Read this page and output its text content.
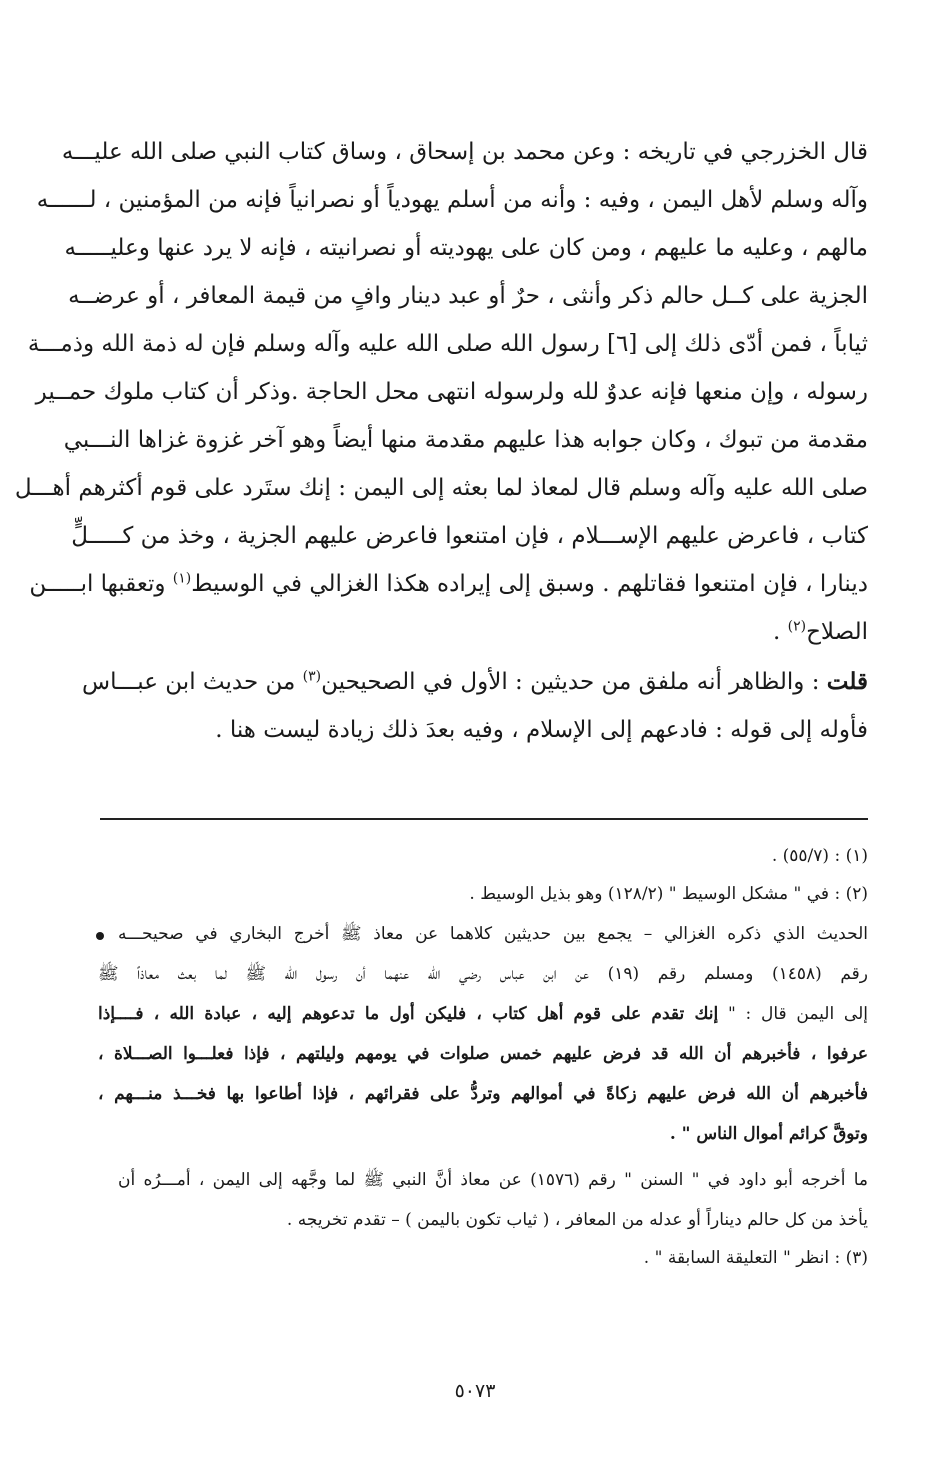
قال الخزرجي في تاريخه : وعن محمد بن إسحاق ، وساق كتاب النبي صلى الله عليـــه
وآله وسلم لأهل اليمن ، وفيه : وأنه من أسلم يهودياً أو نصرانياً فإنه من المؤمنين ، لــــــه
مالهم ، وعليه ما عليهم ، ومن كان على يهوديته أو نصرانيته ، فإنه لا يرد عنها وعليـــــه
الجزية على كــل حالم ذكر وأنثى ، حرٌ أو عبد دينار وافٍ من قيمة المعافر ، أو عرضــه
ثياباً ، فمن أدّى ذلك إلى [٦] رسول الله صلى الله عليه وآله وسلم فإن له ذمة الله وذمـــة
رسوله ، وإن منعها فإنه عدوٌ لله ولرسوله انتهى محل الحاجة .وذكر أن كتاب ملوك حمــير
مقدمة من تبوك ، وكان جوابه هذا عليهم مقدمة منها أيضاً وهو آخر غزوة غزاها النـــبي
صلى الله عليه وآله وسلم قال لمعاذ لما بعثه إلى اليمن : إنك ستَرد على قوم أكثرهم أهـــل
كتاب ، فاعرض عليهم الإســـلام ، فإن امتنعوا فاعرض عليهم الجزية ، وخذ من كـــــلٍّ
دينارا ، فإن امتنعوا فقاتلهم . وسبق إلى إيراده هكذا الغزالي في الوسيط$^{(١)}$ وتعقبها ابـــــن
الصلاح$^{(٢)}$ .
قلت : والظاهر أنه ملفق من حديثين : الأول في الصحيحين$^{(٣)}$ من حديث ابن عبـــاس
فأوله إلى قوله : فادعهم إلى الإسلام ، وفيه بعدَ ذلك زيادة ليست هنا .
(١) : (٥٥/٧) .
(٢) : في " مشكل الوسيط " (١٢٨/٢) وهو بذيل الوسيط .
الحديث الذي ذكره الغزالي – يجمع بين حديثين كلاهما عن معاذ ﷺ أخرج البخاري في صحيحـــه
رقم (١٤٥٨) ومسلم رقم (١٩) عن ابن عباس رضي الله عنهما أن رسول الله ﷺ لما بعث معاذاً ﷺ
إلى اليمن قال : " إنك تقدم على قوم أهل كتاب ، فليكن أول ما تدعوهم إليه ، عبادة الله ، فــــإذا
عرفوا ، فأخبرهم أن الله قد فرض عليهم خمس صلوات في يومهم وليلتهم ، فإذا فعلـــوا الصـــلاة ،
فأخبرهم أن الله فرض عليهم زكاةً في أموالهم وتردُّ على فقرائهم ، فإذا أطاعوا بها فخـــذ منـــهم ،
وتوقَّ كرائم أموال الناس " .
ما أخرجه أبو داود في " السنن " رقم (١٥٧٦) عن معاذ أنَّ النبي ﷺ لما وجَّهه إلى اليمن ، أمـــرُه أن
يأخذ من كل حالم ديناراً أو عدله من المعافر ، ( ثياب تكون باليمن ) – تقدم تخريجه .
(٣) : انظر " التعليقة السابقة " .
٥٠٧٣
